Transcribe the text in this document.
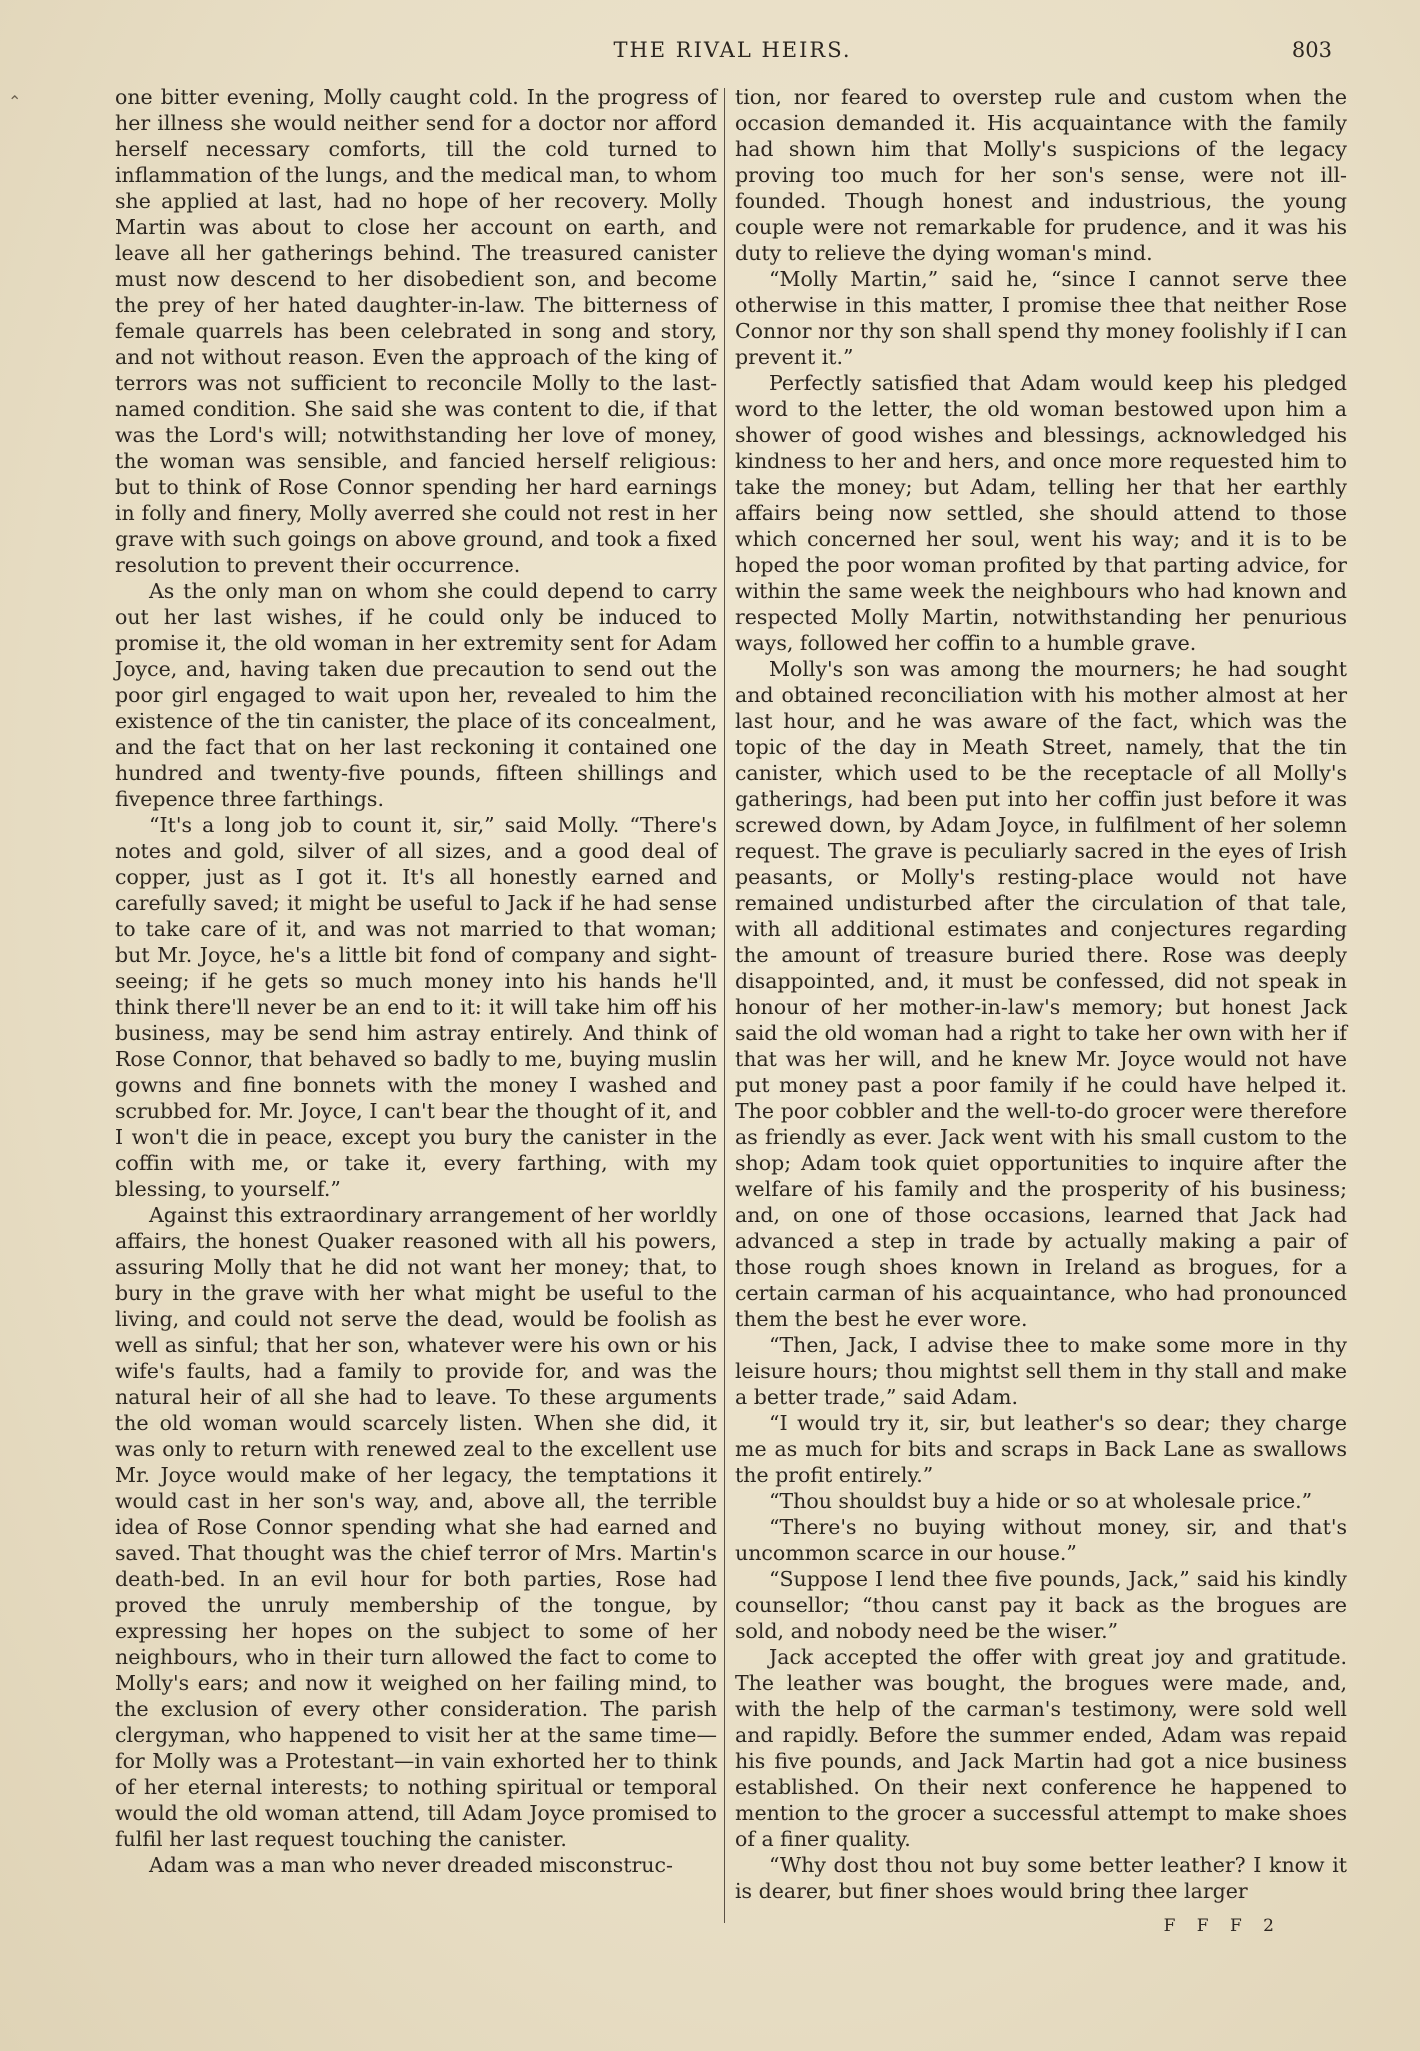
THE RIVAL HEIRS.	803

one bitter evening, Molly caught cold. In the progress of her illness she would neither send for a doctor nor afford herself necessary comforts, till the cold turned to inflammation of the lungs, and the medical man, to whom she applied at last, had no hope of her recovery. Molly Martin was about to close her account on earth, and leave all her gatherings behind. The treasured canister must now descend to her disobedient son, and become the prey of her hated daughter-in-law. The bitterness of female quarrels has been celebrated in song and story, and not without reason. Even the approach of the king of terrors was not sufficient to reconcile Molly to the last-named condition. She said she was content to die, if that was the Lord's will; notwithstanding her love of money, the woman was sensible, and fancied herself religious: but to think of Rose Connor spending her hard earnings in folly and finery, Molly averred she could not rest in her grave with such goings on above ground, and took a fixed resolution to prevent their occurrence.

As the only man on whom she could depend to carry out her last wishes, if he could only be induced to promise it, the old woman in her extremity sent for Adam Joyce, and, having taken due precaution to send out the poor girl engaged to wait upon her, revealed to him the existence of the tin canister, the place of its concealment, and the fact that on her last reckoning it contained one hundred and twenty-five pounds, fifteen shillings and fivepence three farthings.

“It's a long job to count it, sir,” said Molly. “There's notes and gold, silver of all sizes, and a good deal of copper, just as I got it. It's all honestly earned and carefully saved; it might be useful to Jack if he had sense to take care of it, and was not married to that woman; but Mr. Joyce, he's a little bit fond of company and sight-seeing; if he gets so much money into his hands he'll think there'll never be an end to it: it will take him off his business, may be send him astray entirely. And think of Rose Connor, that behaved so badly to me, buying muslin gowns and fine bonnets with the money I washed and scrubbed for. Mr. Joyce, I can't bear the thought of it, and I won't die in peace, except you bury the canister in the coffin with me, or take it, every farthing, with my blessing, to yourself.”

Against this extraordinary arrangement of her worldly affairs, the honest Quaker reasoned with all his powers, assuring Molly that he did not want her money; that, to bury in the grave with her what might be useful to the living, and could not serve the dead, would be foolish as well as sinful; that her son, whatever were his own or his wife's faults, had a family to provide for, and was the natural heir of all she had to leave. To these arguments the old woman would scarcely listen. When she did, it was only to return with renewed zeal to the excellent use Mr. Joyce would make of her legacy, the temptations it would cast in her son's way, and, above all, the terrible idea of Rose Connor spending what she had earned and saved. That thought was the chief terror of Mrs. Martin's death-bed. In an evil hour for both parties, Rose had proved the unruly membership of the tongue, by expressing her hopes on the subject to some of her neighbours, who in their turn allowed the fact to come to Molly's ears; and now it weighed on her failing mind, to the exclusion of every other consideration. The parish clergyman, who happened to visit her at the same time—for Molly was a Protestant—in vain exhorted her to think of her eternal interests; to nothing spiritual or temporal would the old woman attend, till Adam Joyce promised to fulfil her last request touching the canister.

Adam was a man who never dreaded misconstruc-

tion, nor feared to overstep rule and custom when the occasion demanded it. His acquaintance with the family had shown him that Molly's suspicions of the legacy proving too much for her son's sense, were not ill-founded. Though honest and industrious, the young couple were not remarkable for prudence, and it was his duty to relieve the dying woman's mind.

“Molly Martin,” said he, “since I cannot serve thee otherwise in this matter, I promise thee that neither Rose Connor nor thy son shall spend thy money foolishly if I can prevent it.”

Perfectly satisfied that Adam would keep his pledged word to the letter, the old woman bestowed upon him a shower of good wishes and blessings, acknowledged his kindness to her and hers, and once more requested him to take the money; but Adam, telling her that her earthly affairs being now settled, she should attend to those which concerned her soul, went his way; and it is to be hoped the poor woman profited by that parting advice, for within the same week the neighbours who had known and respected Molly Martin, notwithstanding her penurious ways, followed her coffin to a humble grave.

Molly's son was among the mourners; he had sought and obtained reconciliation with his mother almost at her last hour, and he was aware of the fact, which was the topic of the day in Meath Street, namely, that the tin canister, which used to be the receptacle of all Molly's gatherings, had been put into her coffin just before it was screwed down, by Adam Joyce, in fulfilment of her solemn request. The grave is peculiarly sacred in the eyes of Irish peasants, or Molly's resting-place would not have remained undisturbed after the circulation of that tale, with all additional estimates and conjectures regarding the amount of treasure buried there. Rose was deeply disappointed, and, it must be confessed, did not speak in honour of her mother-in-law's memory; but honest Jack said the old woman had a right to take her own with her if that was her will, and he knew Mr. Joyce would not have put money past a poor family if he could have helped it. The poor cobbler and the well-to-do grocer were therefore as friendly as ever. Jack went with his small custom to the shop; Adam took quiet opportunities to inquire after the welfare of his family and the prosperity of his business; and, on one of those occasions, learned that Jack had advanced a step in trade by actually making a pair of those rough shoes known in Ireland as brogues, for a certain carman of his acquaintance, who had pronounced them the best he ever wore.

“Then, Jack, I advise thee to make some more in thy leisure hours; thou mightst sell them in thy stall and make a better trade,” said Adam.

“I would try it, sir, but leather's so dear; they charge me as much for bits and scraps in Back Lane as swallows the profit entirely.”

“Thou shouldst buy a hide or so at wholesale price.”

“There's no buying without money, sir, and that's uncommon scarce in our house.”

“Suppose I lend thee five pounds, Jack,” said his kindly counsellor; “thou canst pay it back as the brogues are sold, and nobody need be the wiser.”

Jack accepted the offer with great joy and gratitude. The leather was bought, the brogues were made, and, with the help of the carman's testimony, were sold well and rapidly. Before the summer ended, Adam was repaid his five pounds, and Jack Martin had got a nice business established. On their next conference he happened to mention to the grocer a successful attempt to make shoes of a finer quality.

“Why dost thou not buy some better leather? I know it is dearer, but finer shoes would bring thee larger

F F F 2
⌃
